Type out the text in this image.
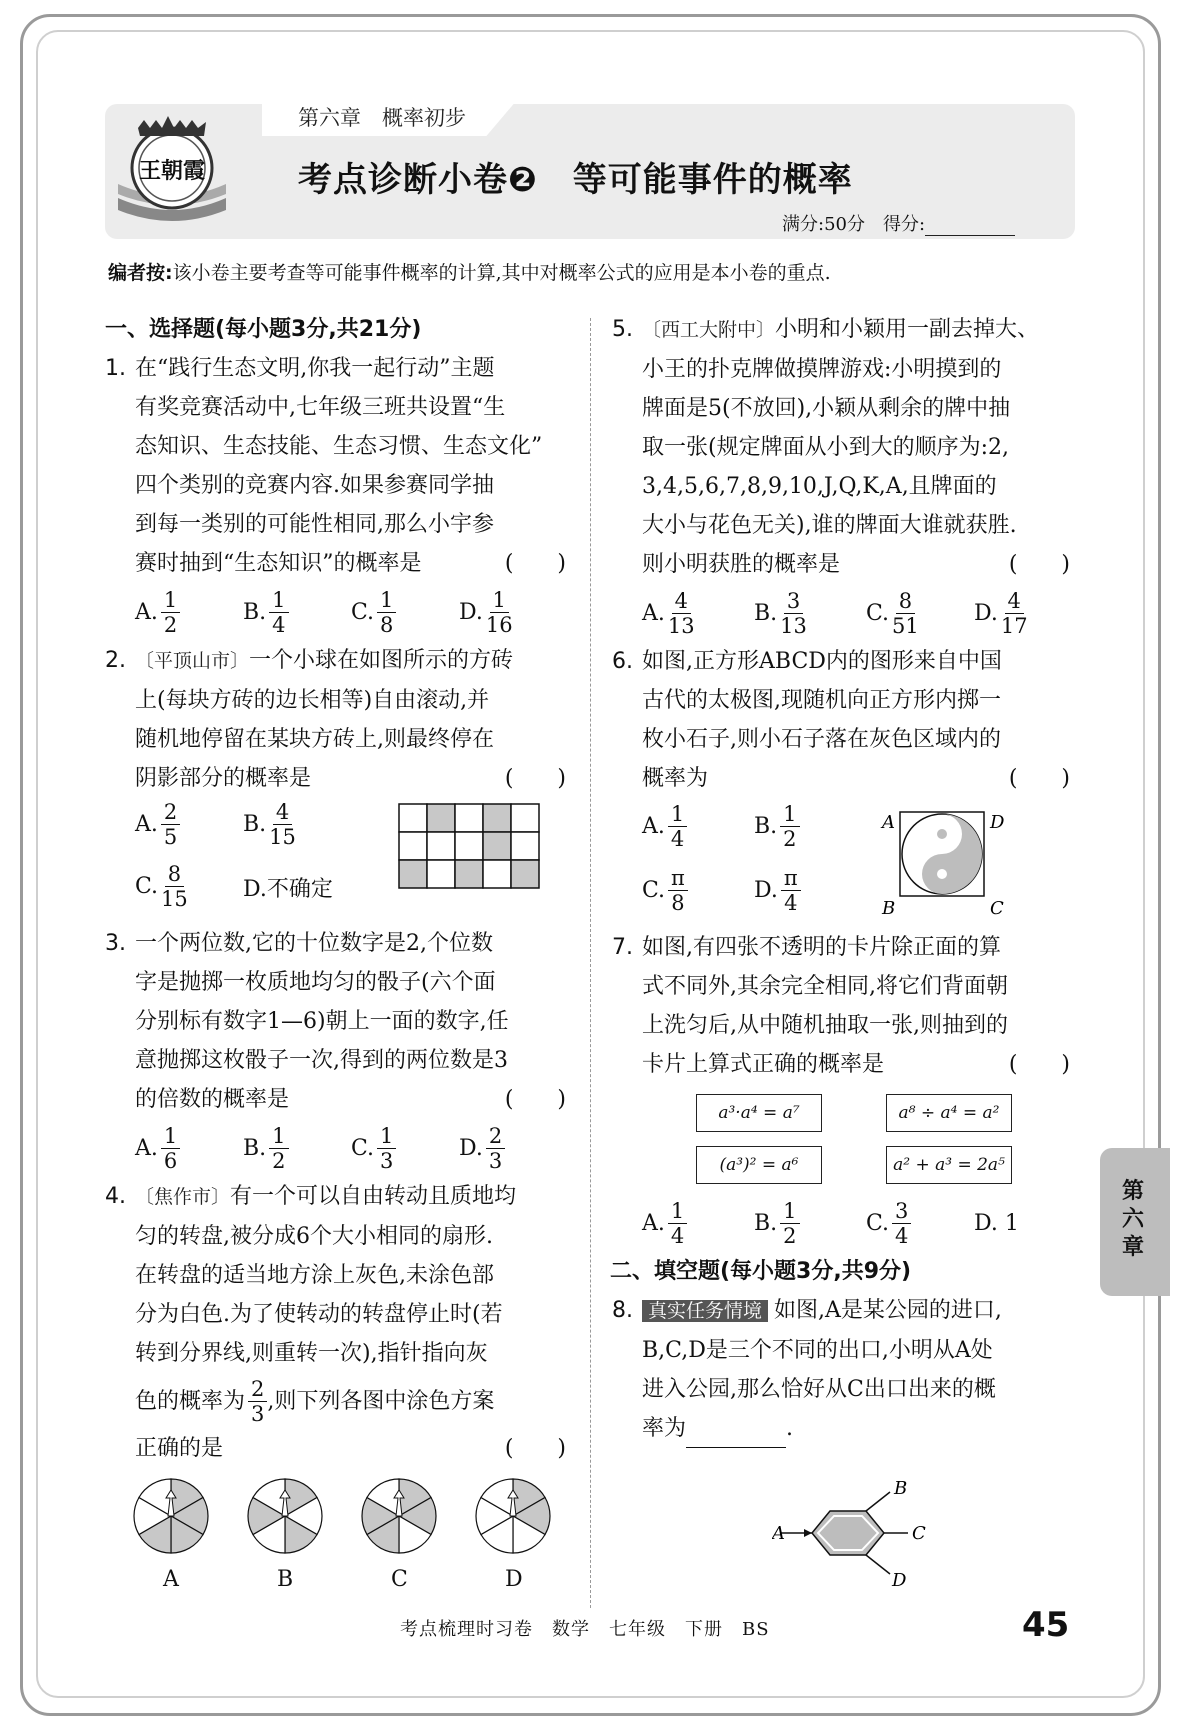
王朝霞
第六章　概率初步
考点诊断小卷❷　等可能事件的概率
满分:50分　得分:
编者按:该小卷主要考查等可能事件概率的计算,其中对概率公式的应用是本小卷的重点.
一、选择题(每小题3分,共21分)
1. 在“践行生态文明,你我一起行动”主题
有奖竞赛活动中,七年级三班共设置“生
态知识、生态技能、生态习惯、生态文化”
四个类别的竞赛内容.如果参赛同学抽
到每一类别的可能性相同,那么小宇参
赛时抽到“生态知识”的概率是	(　　)
A. $\frac{1}{2}$	B. $\frac{1}{4}$	C. $\frac{1}{8}$	D. $\frac{1}{16}$
2. 〔平顶山市〕一个小球在如图所示的方砖
上(每块方砖的边长相等)自由滚动,并
随机地停留在某块方砖上,则最终停在
阴影部分的概率是	(　　)
A. $\frac{2}{5}$	B. $\frac{4}{15}$
C. $\frac{8}{15}$	D.不确定
3. 一个两位数,它的十位数字是2,个位数
字是抛掷一枚质地均匀的骰子(六个面
分别标有数字1—6)朝上一面的数字,任
意抛掷这枚骰子一次,得到的两位数是3
的倍数的概率是	(　　)
A. $\frac{1}{6}$	B. $\frac{1}{2}$	C. $\frac{1}{3}$	D. $\frac{2}{3}$
4. 〔焦作市〕有一个可以自由转动且质地均
匀的转盘,被分成6个大小相同的扇形.
在转盘的适当地方涂上灰色,未涂色部
分为白色.为了使转动的转盘停止时(若
转到分界线,则重转一次),指针指向灰
色的概率为 $\frac{2}{3}$ ,则下列各图中涂色方案
正确的是	(　　)
A	B	C	D
5. 〔西工大附中〕小明和小颖用一副去掉大、
小王的扑克牌做摸牌游戏:小明摸到的
牌面是5(不放回),小颖从剩余的牌中抽
取一张(规定牌面从小到大的顺序为:2,
3,4,5,6,7,8,9,10,J,Q,K,A,且牌面的
大小与花色无关),谁的牌面大谁就获胜.
则小明获胜的概率是	(　　)
A. $\frac{4}{13}$	B. $\frac{3}{13}$	C. $\frac{8}{51}$	D. $\frac{4}{17}$
6. 如图,正方形ABCD内的图形来自中国
古代的太极图,现随机向正方形内掷一
枚小石子,则小石子落在灰色区域内的
概率为	(　　)
A. $\frac{1}{4}$	B. $\frac{1}{2}$
C. $\frac{\pi}{8}$	D. $\frac{\pi}{4}$
A	D
B	C
7. 如图,有四张不透明的卡片除正面的算
式不同外,其余完全相同,将它们背面朝
上洗匀后,从中随机抽取一张,则抽到的
卡片上算式正确的概率是	(　　)
a³·a⁴ = a⁷	a⁸ ÷ a⁴ = a²
(a³)² = a⁶	a² + a³ = 2a⁵
A. $\frac{1}{4}$	B. $\frac{1}{2}$	C. $\frac{3}{4}$	D. 1
二、填空题(每小题3分,共9分)
8. 真实任务情境 如图,A是某公园的进口,
B,C,D是三个不同的出口,小明从A处
进入公园,那么恰好从C出口出来的概
率为	.
A
B
C
D
第六章
考点梳理时习卷　数学　七年级　下册　BS	45
